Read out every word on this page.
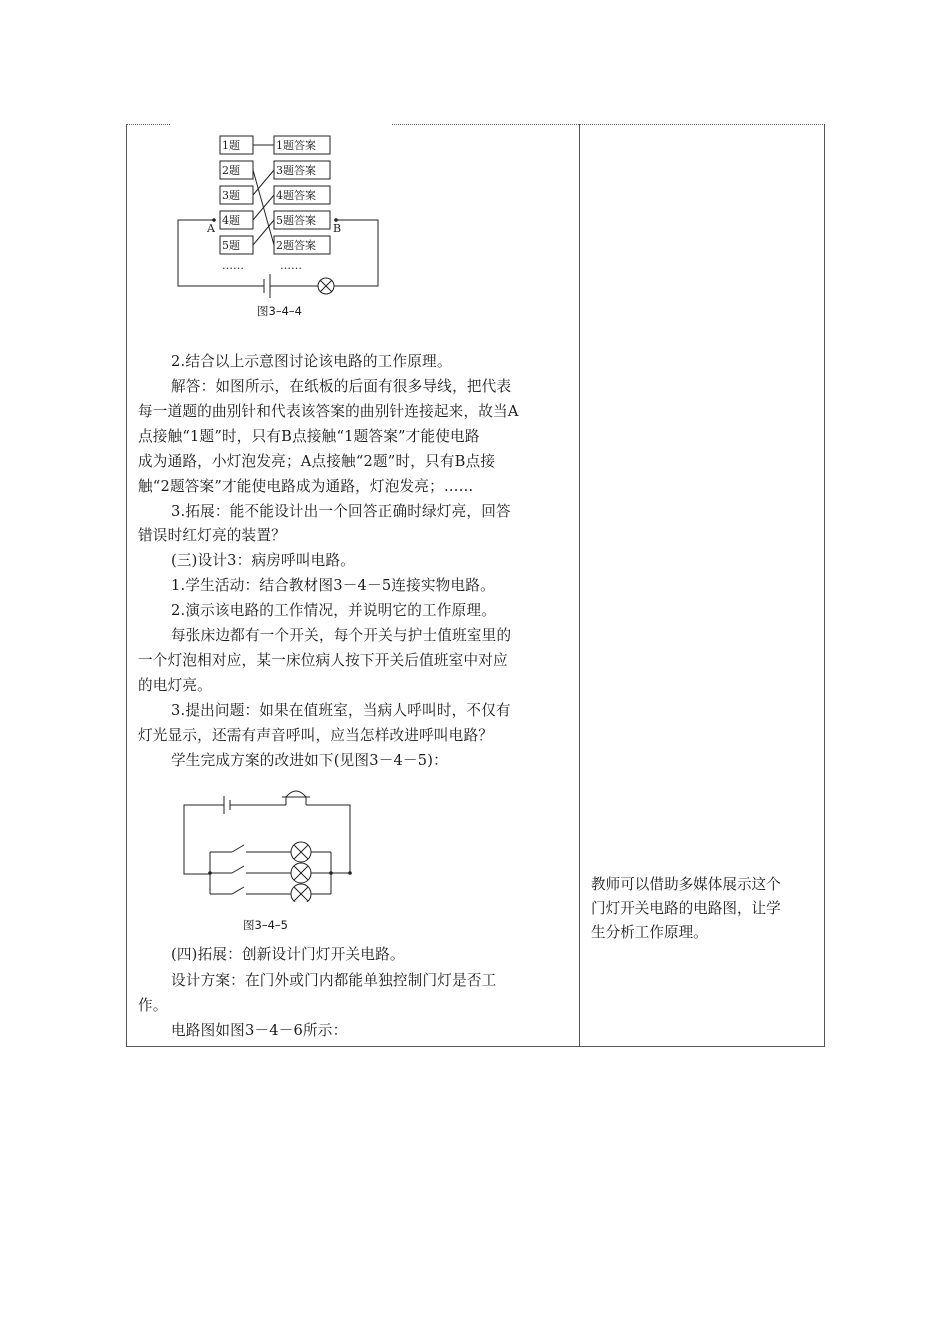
1题
2题
3题
4题
5题
1题答案
3题答案
4题答案
5题答案
2题答案
A	B
……	……
图3–4–4
2.结合以上示意图讨论该电路的工作原理。
解答：如图所示，在纸板的后面有很多导线，把代表
每一道题的曲别针和代表该答案的曲别针连接起来，故当A
点接触“1题”时，只有B点接触“1题答案”才能使电路
成为通路，小灯泡发亮；A点接触“2题”时，只有B点接
触“2题答案”才能使电路成为通路，灯泡发亮；……
3.拓展：能不能设计出一个回答正确时绿灯亮，回答
错误时红灯亮的装置？
(三)设计3：病房呼叫电路。
1.学生活动：结合教材图3－4－5连接实物电路。
2.演示该电路的工作情况，并说明它的工作原理。
每张床边都有一个开关，每个开关与护士值班室里的
一个灯泡相对应，某一床位病人按下开关后值班室中对应
的电灯亮。
3.提出问题：如果在值班室，当病人呼叫时，不仅有
灯光显示，还需有声音呼叫，应当怎样改进呼叫电路？
学生完成方案的改进如下(见图3－4－5)：
图3–4–5
(四)拓展：创新设计门灯开关电路。
设计方案：在门外或门内都能单独控制门灯是否工
作。
电路图如图3－4－6所示：
教师可以借助多媒体展示这个
门灯开关电路的电路图，让学
生分析工作原理。
